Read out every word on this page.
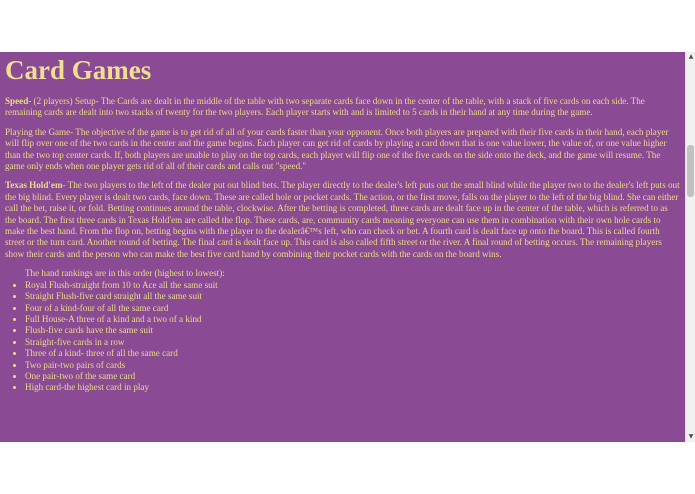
Card Games

Speed- (2 players) Setup- The Cards are dealt in the middle of the table with two separate cards face down in the center of the table, with a stack of five cards on each side. The remaining cards are dealt into two stacks of twenty for the two players. Each player starts with and is limited to 5 cards in their hand at any time during the game.

Playing the Game- The objective of the game is to get rid of all of your cards faster than your opponent. Once both players are prepared with their five cards in their hand, each player will flip over one of the two cards in the center and the game begins. Each player can get rid of cards by playing a card down that is one value lower, the value of, or one value higher than the two top center cards. If, both players are unable to play on the top cards, each player will flip one of the five cards on the side onto the deck, and the game will resume. The game only ends when one player gets rid of all of their cards and calls out "speed."

Texas Hold'em- The two players to the left of the dealer put out blind bets. The player directly to the dealer's left puts out the small blind while the player two to the dealer's left puts out the big blind. Every player is dealt two cards, face down. These are called hole or pocket cards. The action, or the first move, falls on the player to the left of the big blind. She can either call the bet, raise it, or fold. Betting continues around the table, clockwise. After the betting is completed, three cards are dealt face up in the center of the table, which is referred to as the board. The first three cards in Texas Hold'em are called the flop. These cards, are, community cards meaning everyone can use them in combination with their own hole cards to make the best hand. From the flop on, betting begins with the player to the dealerâ€™s left, who can check or bet. A fourth card is dealt face up onto the board. This is called fourth street or the turn card. Another round of betting. The final card is dealt face up. This card is also called fifth street or the river. A final round of betting occurs. The remaining players show their cards and the person who can make the best five card hand by combining their pocket cards with the cards on the board wins.

The hand rankings are in this order (highest to lowest):
• Royal Flush-straight from 10 to Ace all the same suit
• Straight Flush-five card straight all the same suit
• Four of a kind-four of all the same card
• Full House-A three of a kind and a two of a kind
• Flush-five cards have the same suit
• Straight-five cards in a row
• Three of a kind- three of all the same card
• Two pair-two pairs of cards
• One pair-two of the same card
• High card-the highest card in play
▲
▼
